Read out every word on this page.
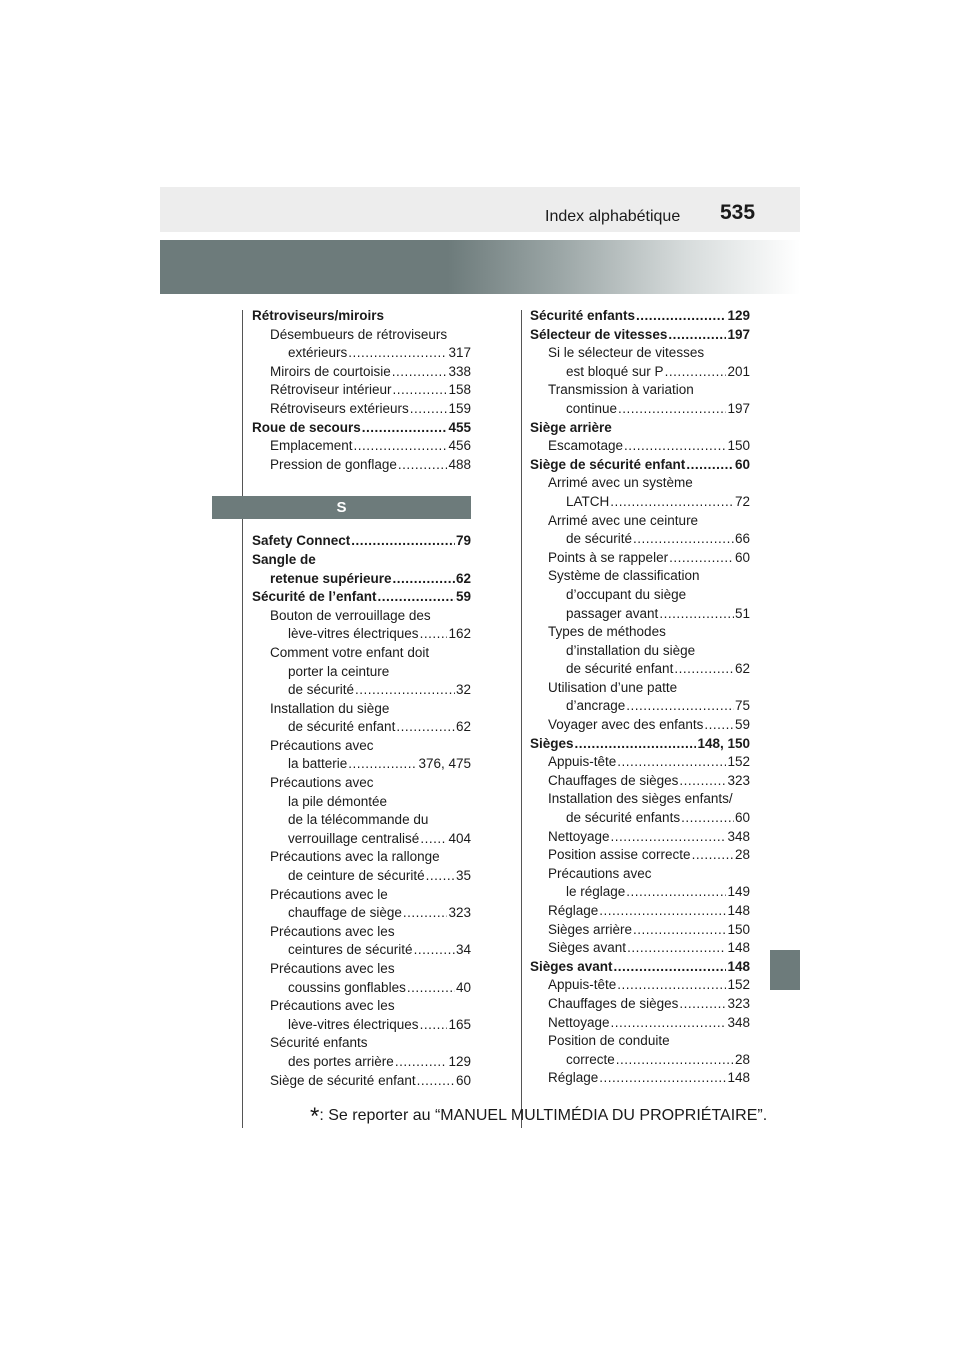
Index alphabétique 535
Rétroviseurs/miroirs
Désembueurs de rétroviseurs
extérieurs .....	317
Miroirs de courtoisie .....	338
Rétroviseur intérieur .....	158
Rétroviseurs extérieurs .....	159
Roue de secours .....	455
Emplacement .....	456
Pression de gonflage .....	488
S
Safety Connect .....	79
Sangle de
retenue supérieure .....	62
Sécurité de l’enfant .....	59
Bouton de verrouillage des
lève-vitres électriques ..... 162
Comment votre enfant doit
porter la ceinture
de sécurité .....	32
Installation du siège
de sécurité enfant .....	62
Précautions avec
la batterie .....	376, 475
Précautions avec
la pile démontée
de la télécommande du
verrouillage centralisé ..... 404
Précautions avec la rallonge
de ceinture de sécurité ..... 35
Précautions avec le
chauffage de siège .....	323
Précautions avec les
ceintures de sécurité .....	34
Précautions avec les
coussins gonflables .....	40
Précautions avec les
lève-vitres électriques ..... 165
Sécurité enfants
des portes arrière .....	129
Siège de sécurité enfant .....	60
Sécurité enfants .....	129
Sélecteur de vitesses .....	197
Si le sélecteur de vitesses
est bloqué sur P .....	201
Transmission à variation
continue .....	197
Siège arrière
Escamotage .....	150
Siège de sécurité enfant .....	60
Arrimé avec un système
LATCH .....	72
Arrimé avec une ceinture
de sécurité .....	66
Points à se rappeler .....	60
Système de classification
d’occupant du siège
passager avant .....	51
Types de méthodes
d’installation du siège
de sécurité enfant .....	62
Utilisation d’une patte
d’ancrage .....	75
Voyager avec des enfants ..... 59
Sièges .....	148, 150
Appuis-tête .....	152
Chauffages de sièges .....	323
Installation des sièges enfants/
de sécurité enfants .....	60
Nettoyage .....	348
Position assise correcte .....	28
Précautions avec
le réglage .....	149
Réglage .....	148
Sièges arrière .....	150
Sièges avant .....	148
Sièges avant .....	148
Appuis-tête .....	152
Chauffages de sièges .....	323
Nettoyage .....	348
Position de conduite
correcte .....	28
Réglage .....	148
*: Se reporter au “MANUEL MULTIMÉDIA DU PROPRIÉTAIRE”.
